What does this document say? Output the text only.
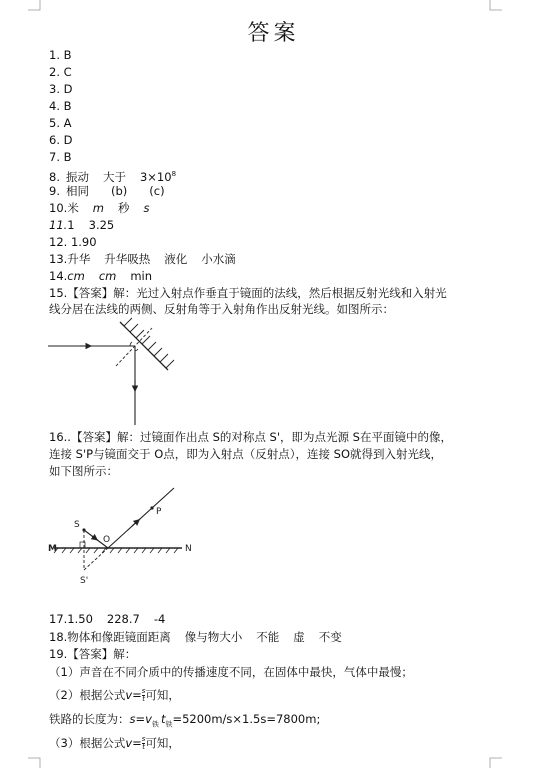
答案
1. B
2. C
3. D
4. B
5. A
6. D
7. B
8. 振动 大于 $3\times 10^8$
9. 相同 (b) (c)
10.米 m 秒 s
11.1 3.25
12. 1.90
13.升华 升华吸热 液化 小水滴
14.cm cm min
15.【答案】解：光过入射点作垂直于镜面的法线，然后根据反射光线和入射光
线分居在法线的两侧、反射角等于入射角作出反射光线。如图所示：
16..【答案】解：过镜面作出点 S的对称点 S'，即为点光源 S在平面镜中的像，
连接 S'P与镜面交于 O点，即为入射点（反射点），连接 SO就得到入射光线，
如下图所示：
S
P
O
M	N
S'
17.1.50 228.7 -4
18.物体和像距镜面距离 像与物大小 不能 虚 不变
19.【答案】解：
（1）声音在不同介质中的传播速度不同，在固体中最快，气体中最慢；
（2）根据公式$v= \frac{s}{t}$ 可知，
铁路的长度为：$s=v_铁$ $t_铁=5200m/s\times 1.5s=7800m$;
（3）根据公式$v= \frac{s}{t}$ 可知，
